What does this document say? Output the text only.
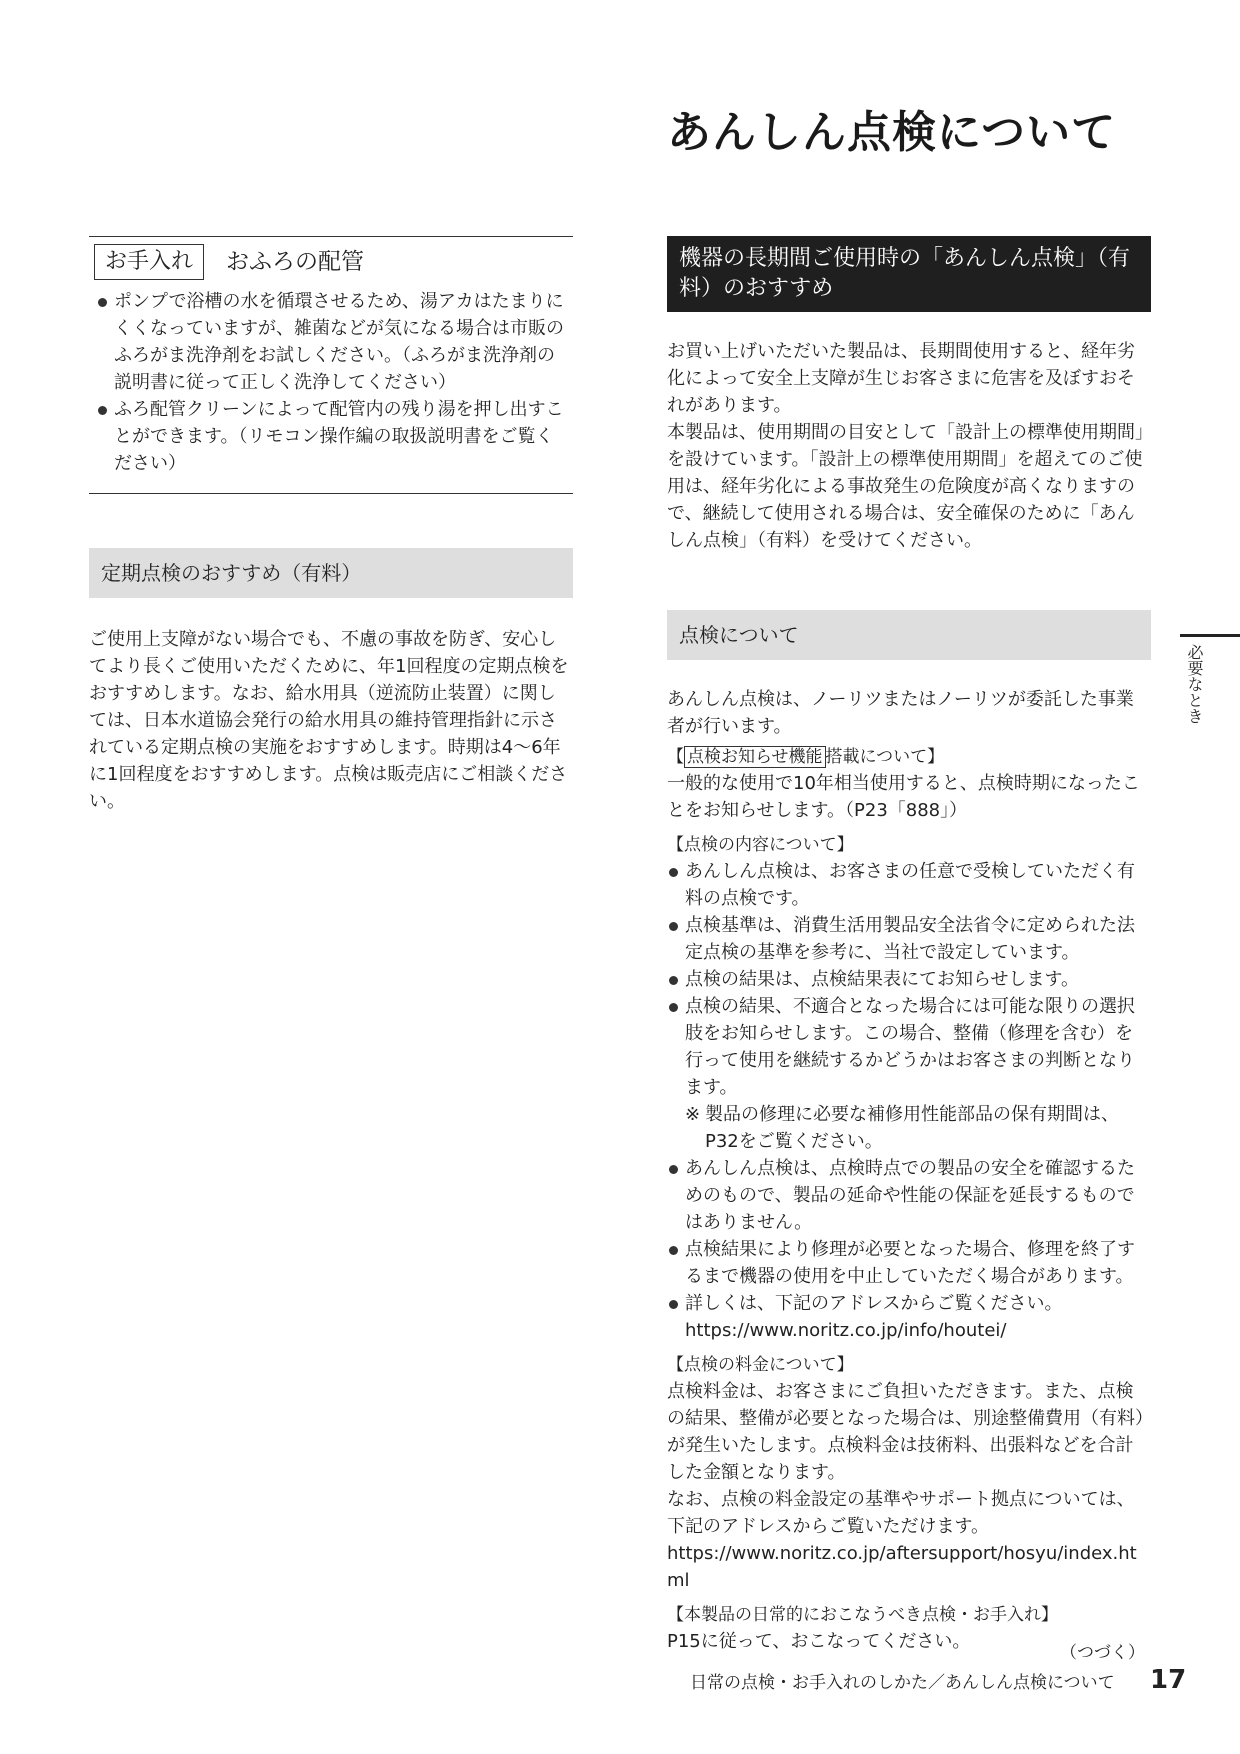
あんしん点検について
お手入れ	おふろの配管
ポンプで浴槽の水を循環させるため、湯アカはたまりにくくなっていますが、雑菌などが気になる場合は市販のふろがま洗浄剤をお試しください。（ふろがま洗浄剤の説明書に従って正しく洗浄してください）
ふろ配管クリーンによって配管内の残り湯を押し出すことができます。（リモコン操作編の取扱説明書をご覧ください）
定期点検のおすすめ（有料）
ご使用上支障がない場合でも、不慮の事故を防ぎ、安心してより長くご使用いただくために、年1回程度の定期点検をおすすめします。なお、給水用具（逆流防止装置）に関しては、日本水道協会発行の給水用具の維持管理指針に示されている定期点検の実施をおすすめします。時期は4〜6年に1回程度をおすすめします。点検は販売店にご相談ください。
機器の長期間ご使用時の「あんしん点検」（有料）のおすすめ
お買い上げいただいた製品は、長期間使用すると、経年劣化によって安全上支障が生じお客さまに危害を及ぼすおそれがあります。
本製品は、使用期間の目安として「設計上の標準使用期間」を設けています。「設計上の標準使用期間」を超えてのご使用は、経年劣化による事故発生の危険度が高くなりますので、継続して使用される場合は、安全確保のために「あんしん点検」（有料）を受けてください。
点検について
あんしん点検は、ノーリツまたはノーリツが委託した事業者が行います。
【 点検お知らせ機能 搭載について】
一般的な使用で10年相当使用すると、点検時期になったことをお知らせします。（P23「888」）
【点検の内容について】
あんしん点検は、お客さまの任意で受検していただく有料の点検です。
点検基準は、消費生活用製品安全法省令に定められた法定点検の基準を参考に、当社で設定しています。
点検の結果は、点検結果表にてお知らせします。
点検の結果、不適合となった場合には可能な限りの選択肢をお知らせします。この場合、整備（修理を含む）を行って使用を継続するかどうかはお客さまの判断となります。
※ 製品の修理に必要な補修用性能部品の保有期間は、P32をご覧ください。
あんしん点検は、点検時点での製品の安全を確認するためのもので、製品の延命や性能の保証を延長するものではありません。
点検結果により修理が必要となった場合、修理を終了するまで機器の使用を中止していただく場合があります。
詳しくは、下記のアドレスからご覧ください。
https://www.noritz.co.jp/info/houtei/
【点検の料金について】
点検料金は、お客さまにご負担いただきます。また、点検の結果、整備が必要となった場合は、別途整備費用（有料）が発生いたします。点検料金は技術料、出張料などを合計した金額となります。
なお、点検の料金設定の基準やサポート拠点については、下記のアドレスからご覧いただけます。
https://www.noritz.co.jp/aftersupport/hosyu/index.html
【本製品の日常的におこなうべき点検・お手入れ】
P15に従って、おこなってください。
（つづく）
必要なとき
日常の点検・お手入れのしかた／あんしん点検について 17
